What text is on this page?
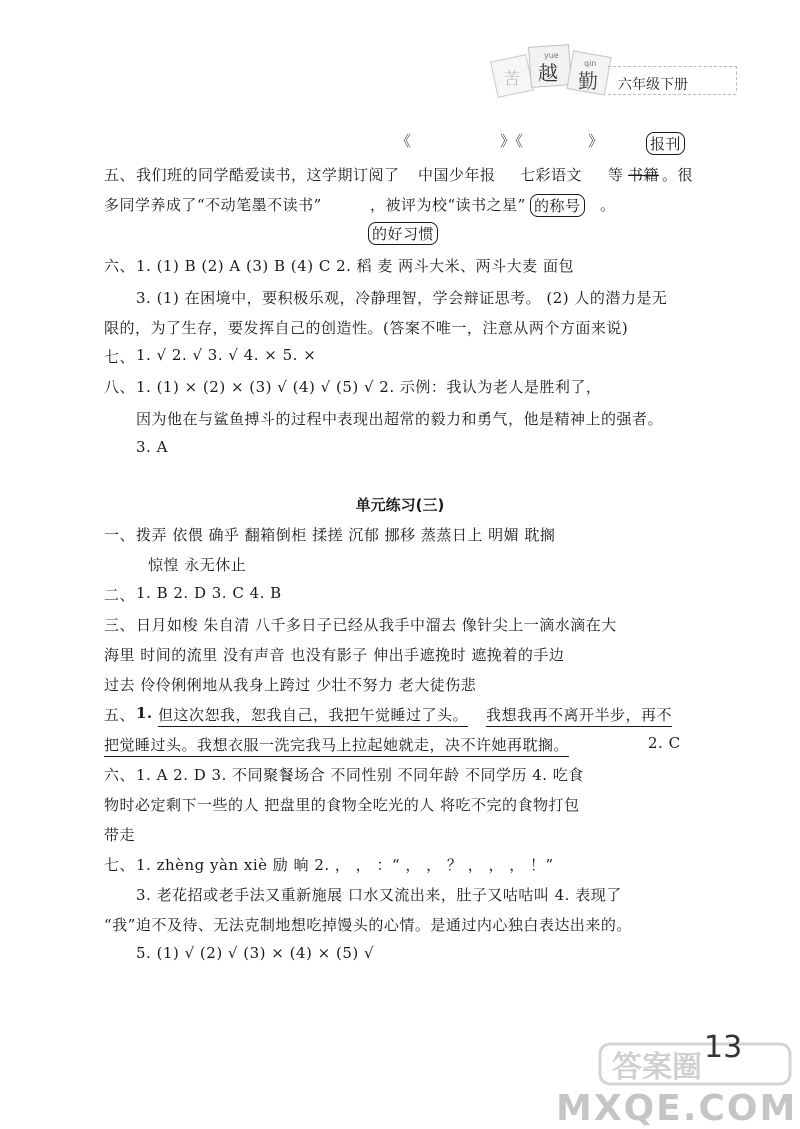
苦
yue
越	qin
勤 六年级下册
《	》《	》	报刊
五、 我们班的同学酷爱读书，这学期订阅了 中国少年报 七彩语文 等 书籍 。很
多同学养成了“不动笔墨不读书”	，被评为校“读书之星” 的称号 。
的好习惯
六、 1. (1) B (2) A (3) B (4) C 2. 稻 麦 两斗大米、两斗大麦 面包
3. (1) 在困境中，要积极乐观，冷静理智，学会辩证思考。 (2) 人的潜力是无
限的，为了生存，要发挥自己的创造性。(答案不唯一，注意从两个方面来说)
七、 1. √ 2. √ 3. √ 4. × 5. ×
八、 1. (1) × (2) × (3) √ (4) √ (5) √ 2. 示例：我认为老人是胜利了，
因为他在与鲨鱼搏斗的过程中表现出超常的毅力和勇气，他是精神上的强者。
3. A
单元练习(三)
一、 拨弄 依偎 确乎 翻箱倒柜 揉搓 沉郁 挪移 蒸蒸日上 明媚 耽搁
惊惶 永无休止
二、 1. B 2. D 3. C 4. B
三、 日月如梭 朱自清 八千多日子已经从我手中溜去 像针尖上一滴水滴在大
海里 时间的流里 没有声音 也没有影子 伸出手遮挽时 遮挽着的手边
过去 伶伶俐俐地从我身上跨过 少壮不努力 老大徒伤悲
五、 1. 但这次恕我，恕我自己，我把午觉睡过了头。 我想我再不离开半步，再不
把觉睡过头。我想衣服一洗完我马上拉起她就走，决不许她再耽搁。	2. C
六、 1. A 2. D 3. 不同聚餐场合 不同性别 不同年龄 不同学历 4. 吃食
物时必定剩下一些的人 把盘里的食物全吃光的人 将吃不完的食物打包
带走
七、 1. zhèng yàn xiè 励 晌 2. ， ， ：“ ， ， ？ ， ， ， ！”
3. 老花招或老手法又重新施展 口水又流出来，肚子又咕咕叫 4. 表现了
“我”迫不及待、无法克制地想吃掉馒头的心情。是通过内心独白表达出来的。
5. (1) √ (2) √ (3) × (4) × (5) √
答案圈
13
MXQE.COM
